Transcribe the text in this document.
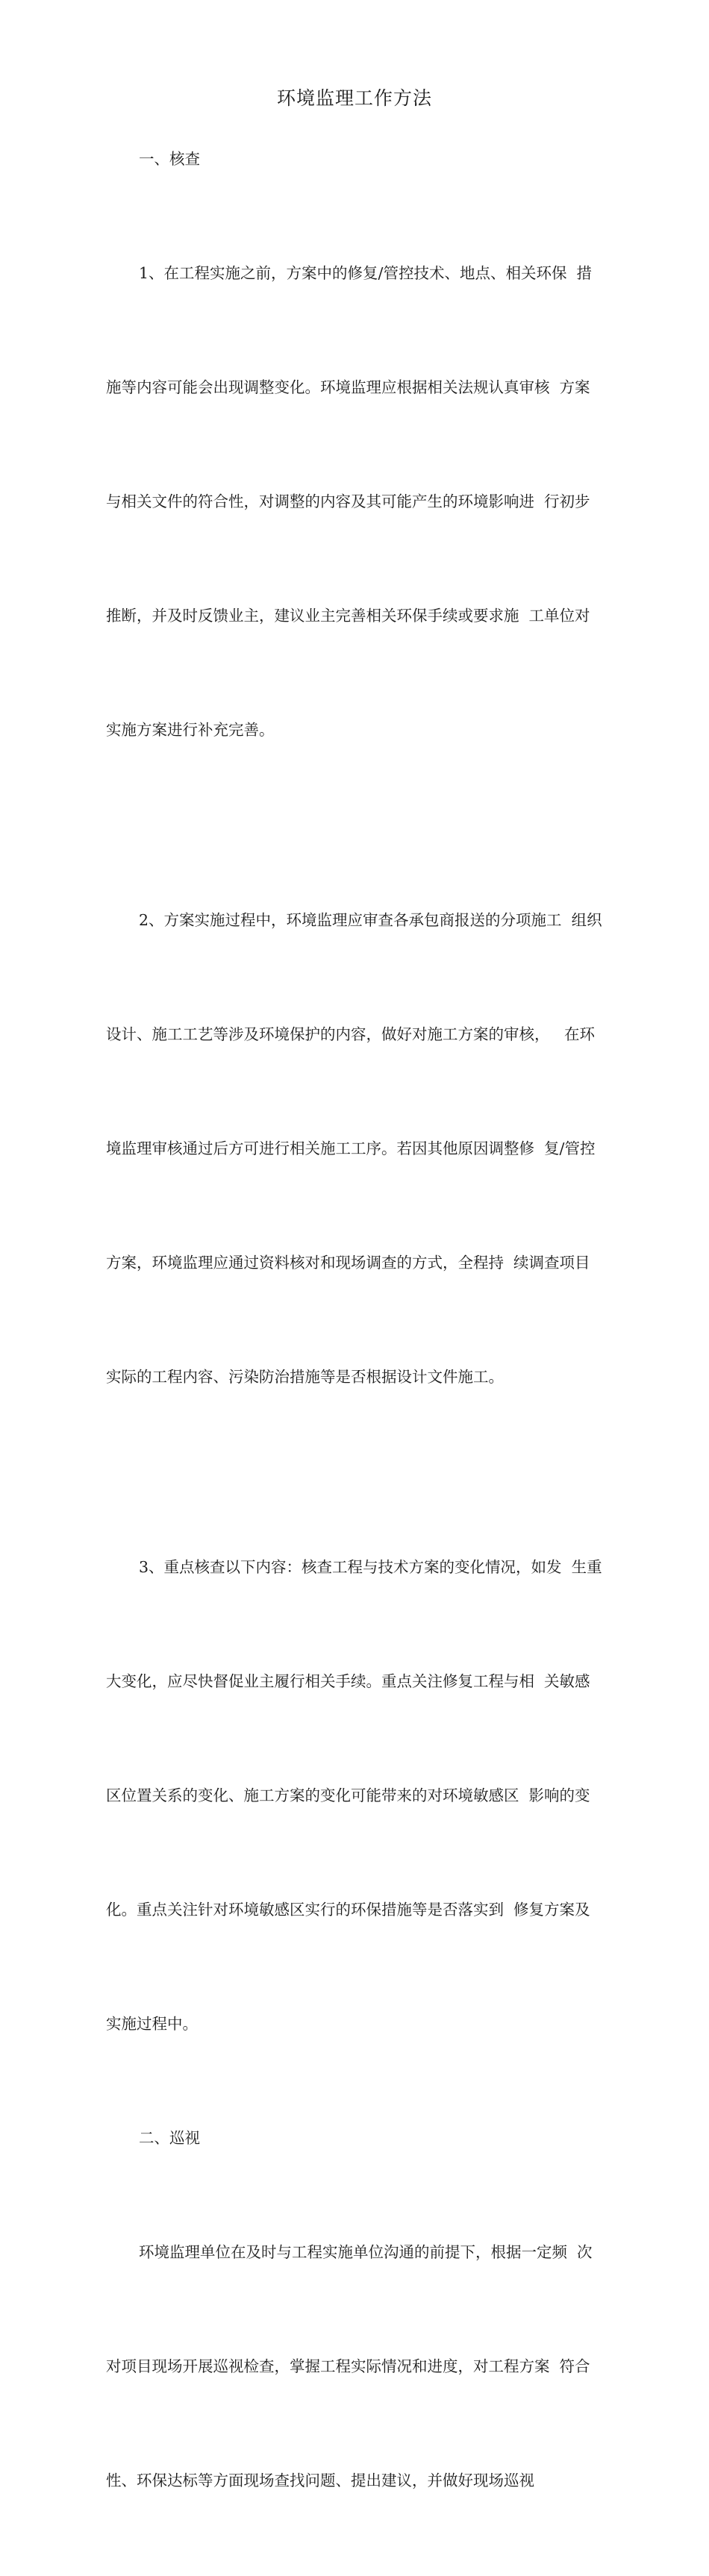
环境监理工作方法
一、核查

1、在工程实施之前，方案中的修复/管控技术、地点、相关环保  措

施等内容可能会出现调整变化。环境监理应根据相关法规认真审核  方案

与相关文件的符合性，对调整的内容及其可能产生的环境影响进  行初步

推断，并及时反馈业主，建议业主完善相关环保手续或要求施  工单位对

实施方案进行补充完善。

2、方案实施过程中，环境监理应审查各承包商报送的分项施工  组织

设计、施工工艺等涉及环境保护的内容，做好对施工方案的审核，   在环

境监理审核通过后方可进行相关施工工序。若因其他原因调整修  复/管控

方案，环境监理应通过资料核对和现场调查的方式，全程持  续调查项目

实际的工程内容、污染防治措施等是否根据设计文件施工。

3、重点核查以下内容：核查工程与技术方案的变化情况，如发  生重

大变化，应尽快督促业主履行相关手续。重点关注修复工程与相  关敏感

区位置关系的变化、施工方案的变化可能带来的对环境敏感区  影响的变

化。重点关注针对环境敏感区实行的环保措施等是否落实到  修复方案及

实施过程中。

二、巡视

环境监理单位在及时与工程实施单位沟通的前提下，根据一定频  次

对项目现场开展巡视检查，掌握工程实际情况和进度，对工程方案  符合

性、环保达标等方面现场查找问题、提出建议，并做好现场巡视
